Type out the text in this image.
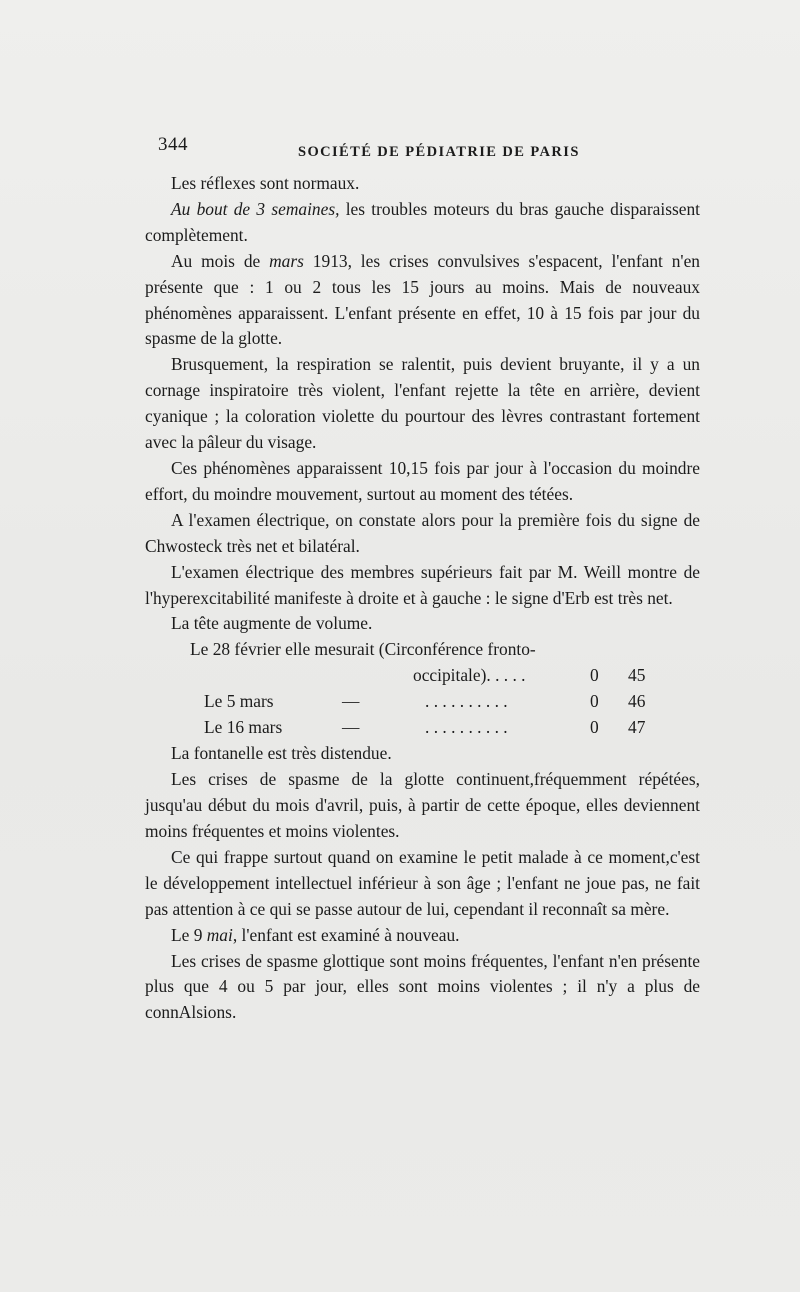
344	SOCIÉTÉ DE PÉDIATRIE DE PARIS

Les réflexes sont normaux.

Au bout de 3 semaines, les troubles moteurs du bras gauche disparaissent complètement.

Au mois de mars 1913, les crises convulsives s'espacent, l'enfant n'en présente que : 1 ou 2 tous les 15 jours au moins. Mais de nouveaux phénomènes apparaissent. L'enfant présente en effet, 10 à 15 fois par jour du spasme de la glotte.

Brusquement, la respiration se ralentit, puis devient bruyante, il y a un cornage inspiratoire très violent, l'enfant rejette la tête en arrière, devient cyanique ; la coloration violette du pourtour des lèvres contrastant fortement avec la pâleur du visage.

Ces phénomènes apparaissent 10,15 fois par jour à l'occasion du moindre effort, du moindre mouvement, surtout au moment des tétées.

A l'examen électrique, on constate alors pour la première fois du signe de Chwosteck très net et bilatéral.

L'examen électrique des membres supérieurs fait par M. Weill montre de l'hyperexcitabilité manifeste à droite et à gauche : le signe d'Erb est très net.

La tête augmente de volume.

Le 28 février elle mesurait (Circonférence fronto-
occipitale). . . . .	0 45
Le 5 mars	—	. . . . . . . . . .	0 46
Le 16 mars	—	. . . . . . . . . .	0 47

La fontanelle est très distendue.

Les crises de spasme de la glotte continuent,fréquemment répétées, jusqu'au début du mois d'avril, puis, à partir de cette époque, elles deviennent moins fréquentes et moins violentes.

Ce qui frappe surtout quand on examine le petit malade à ce moment,c'est le développement intellectuel inférieur à son âge ; l'enfant ne joue pas, ne fait pas attention à ce qui se passe autour de lui, cependant il reconnaît sa mère.

Le 9 mai, l'enfant est examiné à nouveau.

Les crises de spasme glottique sont moins fréquentes, l'enfant n'en présente plus que 4 ou 5 par jour, elles sont moins violentes ; il n'y a plus de connAlsions.
